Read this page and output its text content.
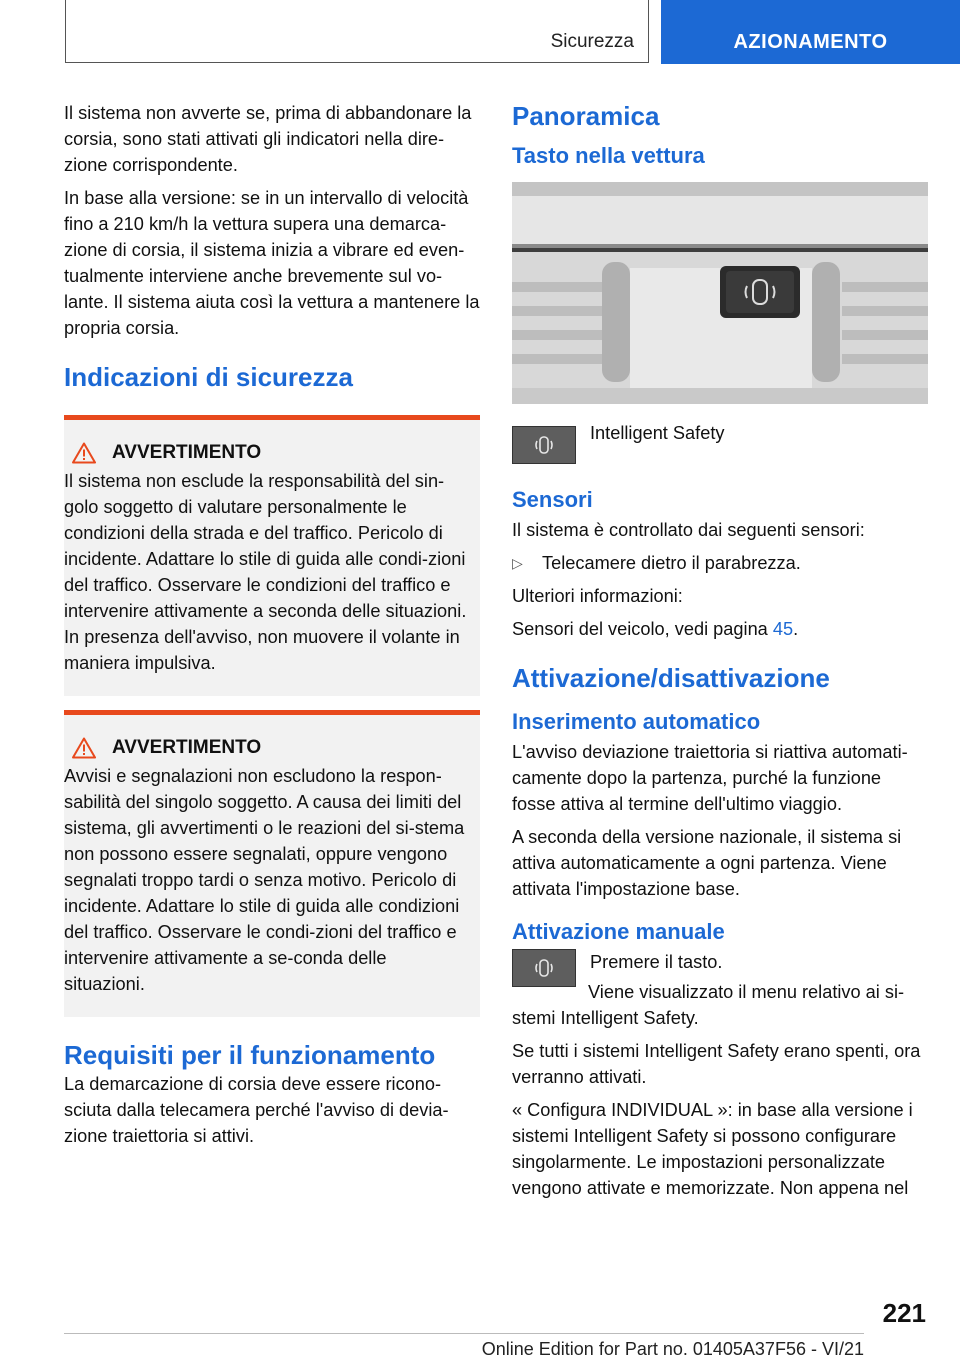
Sicurezza	AZIONAMENTO

Il sistema non avverte se, prima di abbandonare la corsia, sono stati attivati gli indicatori nella dire-zione corrispondente.

In base alla versione: se in un intervallo di velocità fino a 210 km/h la vettura supera una demarca-zione di corsia, il sistema inizia a vibrare ed even-tualmente interviene anche brevemente sul vo-lante. Il sistema aiuta così la vettura a mantenere la propria corsia.

Indicazioni di sicurezza
AVVERTIMENTO

Il sistema non esclude la responsabilità del sin-golo soggetto di valutare personalmente le condizioni della strada e del traffico. Pericolo di incidente. Adattare lo stile di guida alle condi-zioni del traffico. Osservare le condizioni del traffico e intervenire attivamente a seconda delle situazioni. In presenza dell'avviso, non muovere il volante in maniera impulsiva.

AVVERTIMENTO

Avvisi e segnalazioni non escludono la respon-sabilità del singolo soggetto. A causa dei limiti del sistema, gli avvertimenti o le reazioni del si-stema non possono essere segnalati, oppure vengono segnalati troppo tardi o senza motivo. Pericolo di incidente. Adattare lo stile di guida alle condizioni del traffico. Osservare le condi-zioni del traffico e intervenire attivamente a se-conda delle situazioni.

Requisiti per il funzionamento

La demarcazione di corsia deve essere ricono-sciuta dalla telecamera perché l'avviso di devia-zione traiettoria si attivi.

Panoramica
Tasto nella vettura
Intelligent Safety
Sensori

Il sistema è controllato dai seguenti sensori:

▷	Telecamere dietro il parabrezza.

Ulteriori informazioni:

Sensori del veicolo, vedi pagina 45.

Attivazione/disattivazione
Inserimento automatico

L'avviso deviazione traiettoria si riattiva automati-camente dopo la partenza, purché la funzione fosse attiva al termine dell'ultimo viaggio.

A seconda della versione nazionale, il sistema si attiva automaticamente a ogni partenza. Viene attivata l'impostazione base.

Attivazione manuale
Premere il tasto.

Viene visualizzato il menu relativo ai si-stemi Intelligent Safety.

Se tutti i sistemi Intelligent Safety erano spenti, ora verranno attivati.

« Configura INDIVIDUAL »: in base alla versione i sistemi Intelligent Safety si possono configurare singolarmente. Le impostazioni personalizzate vengono attivate e memorizzate. Non appena nel

221
Online Edition for Part no. 01405A37F56 - VI/21
